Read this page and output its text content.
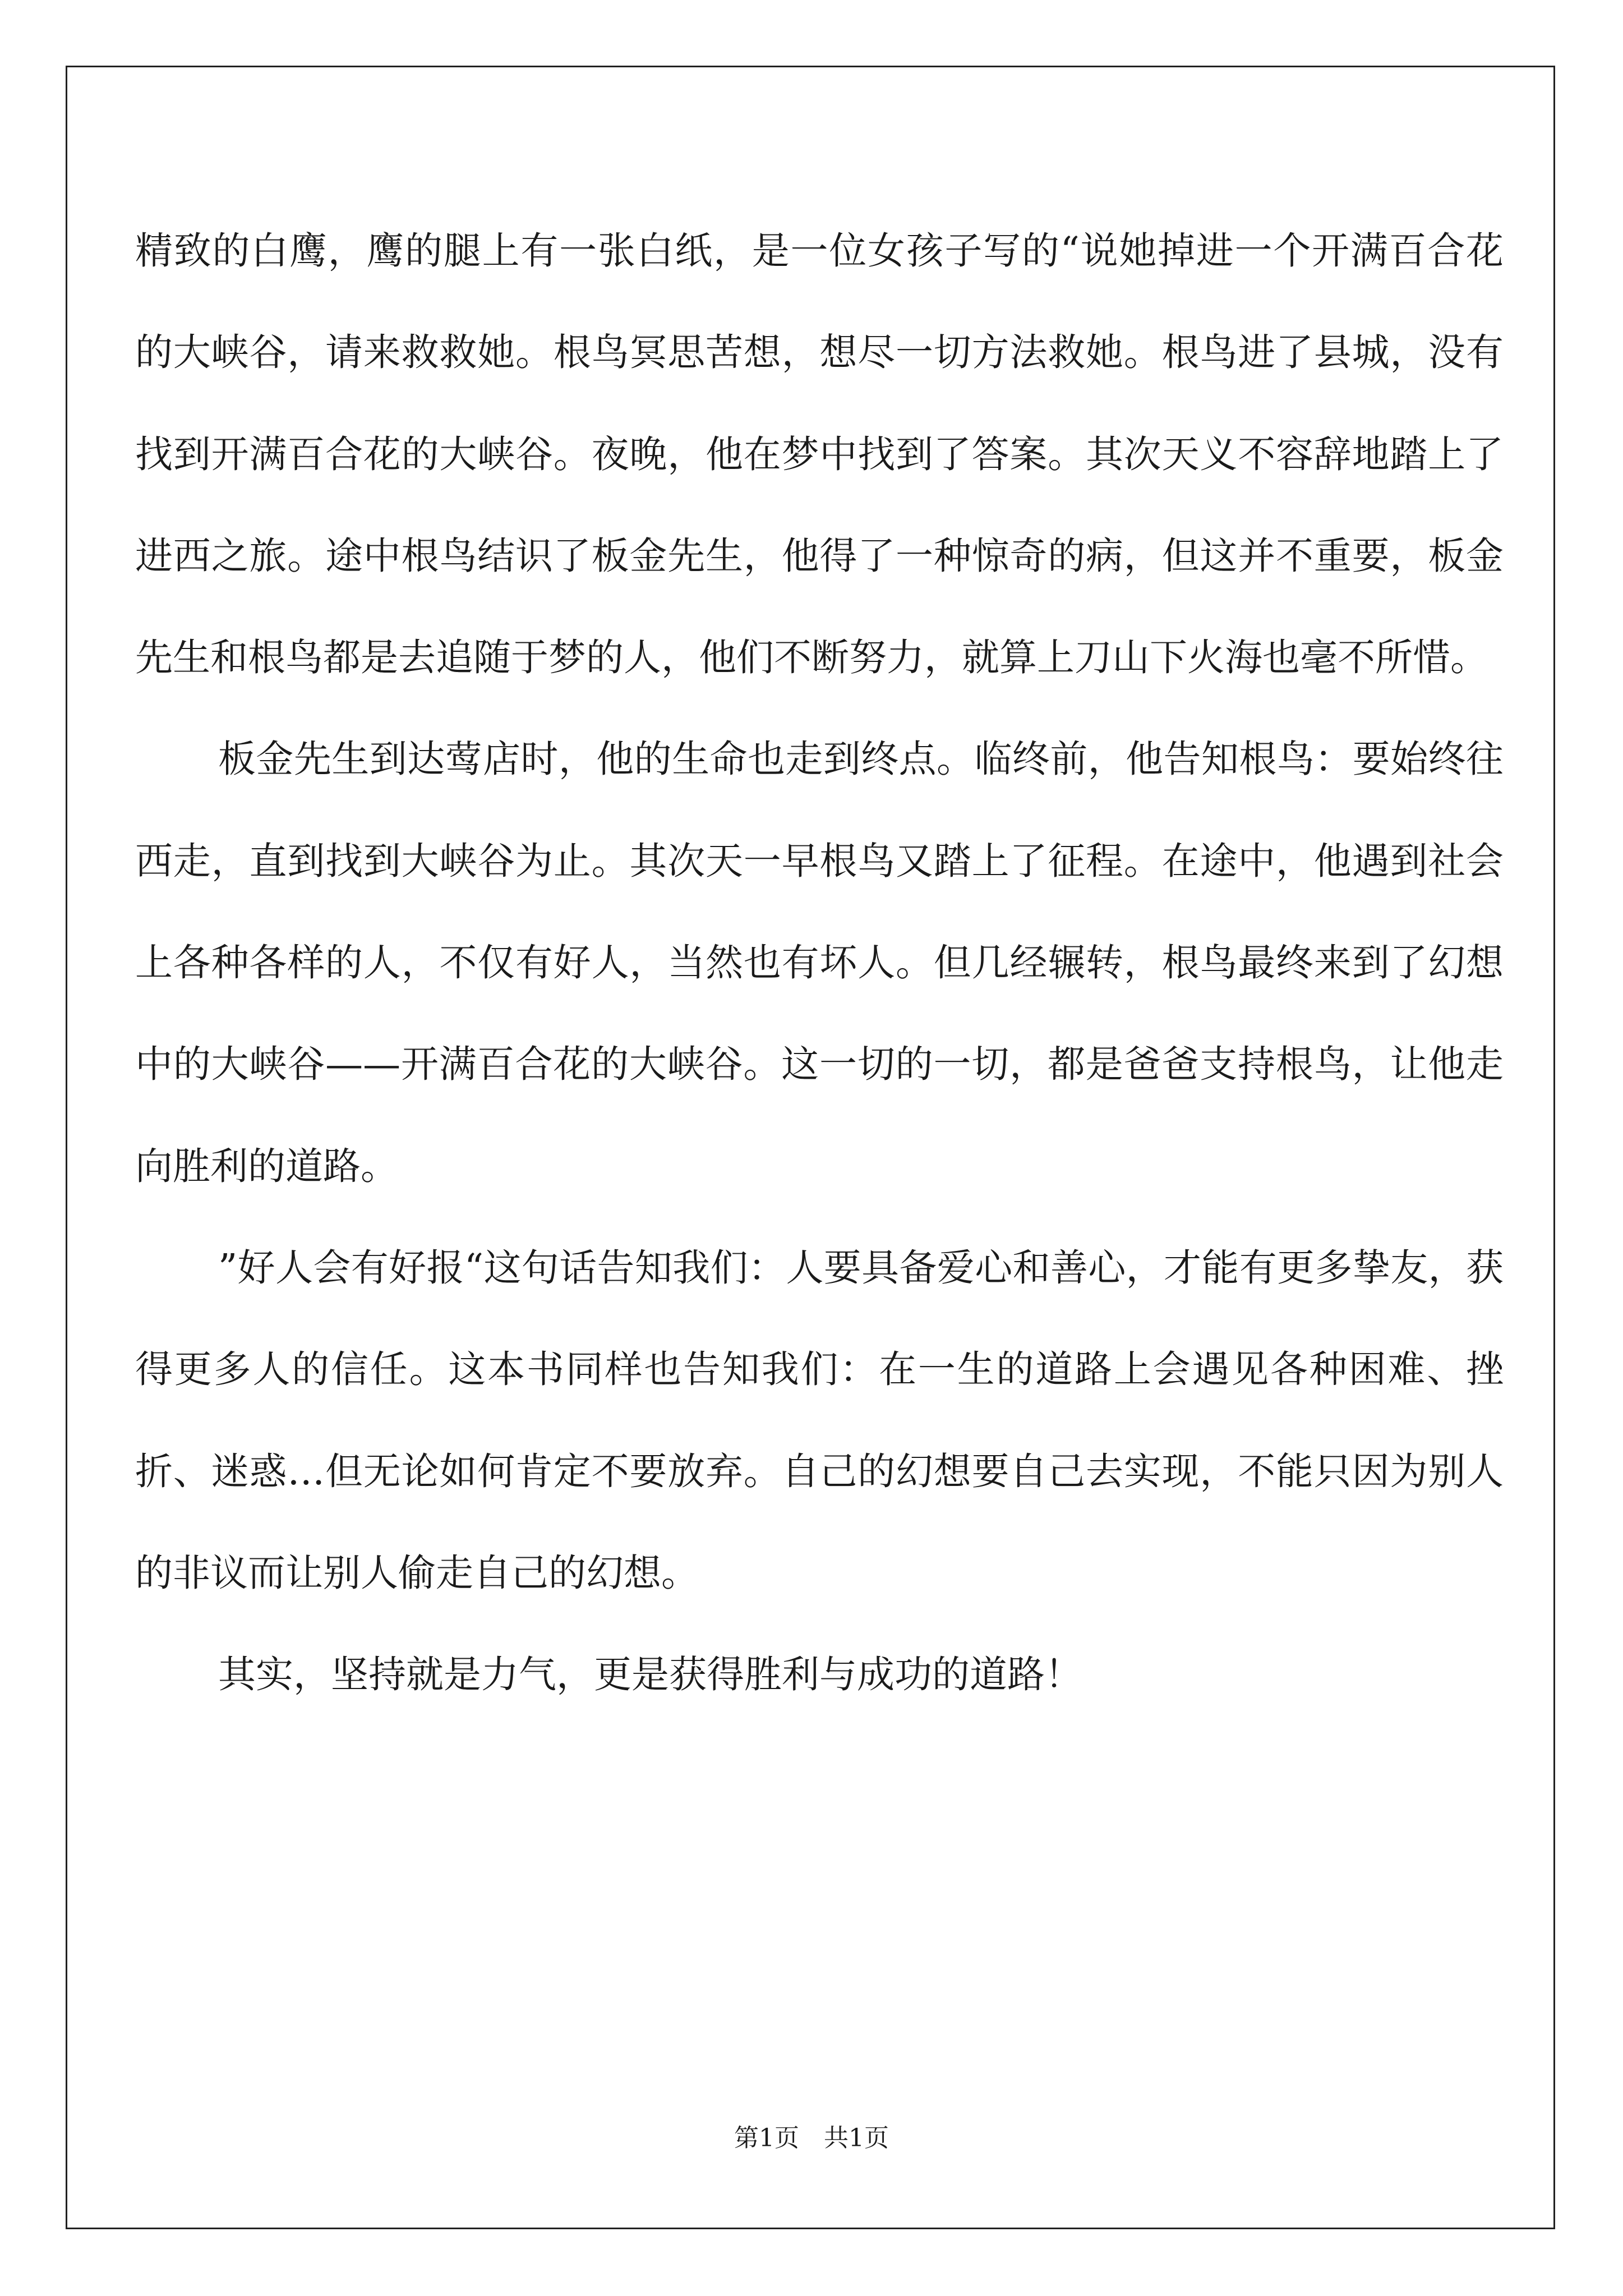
精致的白鹰，鹰的腿上有一张白纸，是一位女孩子写的“说她掉进一个开满百合花的大峡谷，请来救救她。根鸟冥思苦想，想尽一切方法救她。根鸟进了县城，没有找到开满百合花的大峡谷。夜晚，他在梦中找到了答案。其次天义不容辞地踏上了进西之旅。途中根鸟结识了板金先生，他得了一种惊奇的病，但这并不重要，板金先生和根鸟都是去追随于梦的人，他们不断努力，就算上刀山下火海也毫不所惜。

板金先生到达莺店时，他的生命也走到终点。临终前，他告知根鸟：要始终往西走，直到找到大峡谷为止。其次天一早根鸟又踏上了征程。在途中，他遇到社会上各种各样的人，不仅有好人，当然也有坏人。但几经辗转，根鸟最终来到了幻想中的大峡谷——开满百合花的大峡谷。这一切的一切，都是爸爸支持根鸟，让他走向胜利的道路。

”好人会有好报“这句话告知我们：人要具备爱心和善心，才能有更多挚友，获得更多人的信任。这本书同样也告知我们：在一生的道路上会遇见各种困难、挫折、迷惑…但无论如何肯定不要放弃。自己的幻想要自己去实现，不能只因为别人的非议而让别人偷走自己的幻想。

其实，坚持就是力气，更是获得胜利与成功的道路！

第1页 共1页
